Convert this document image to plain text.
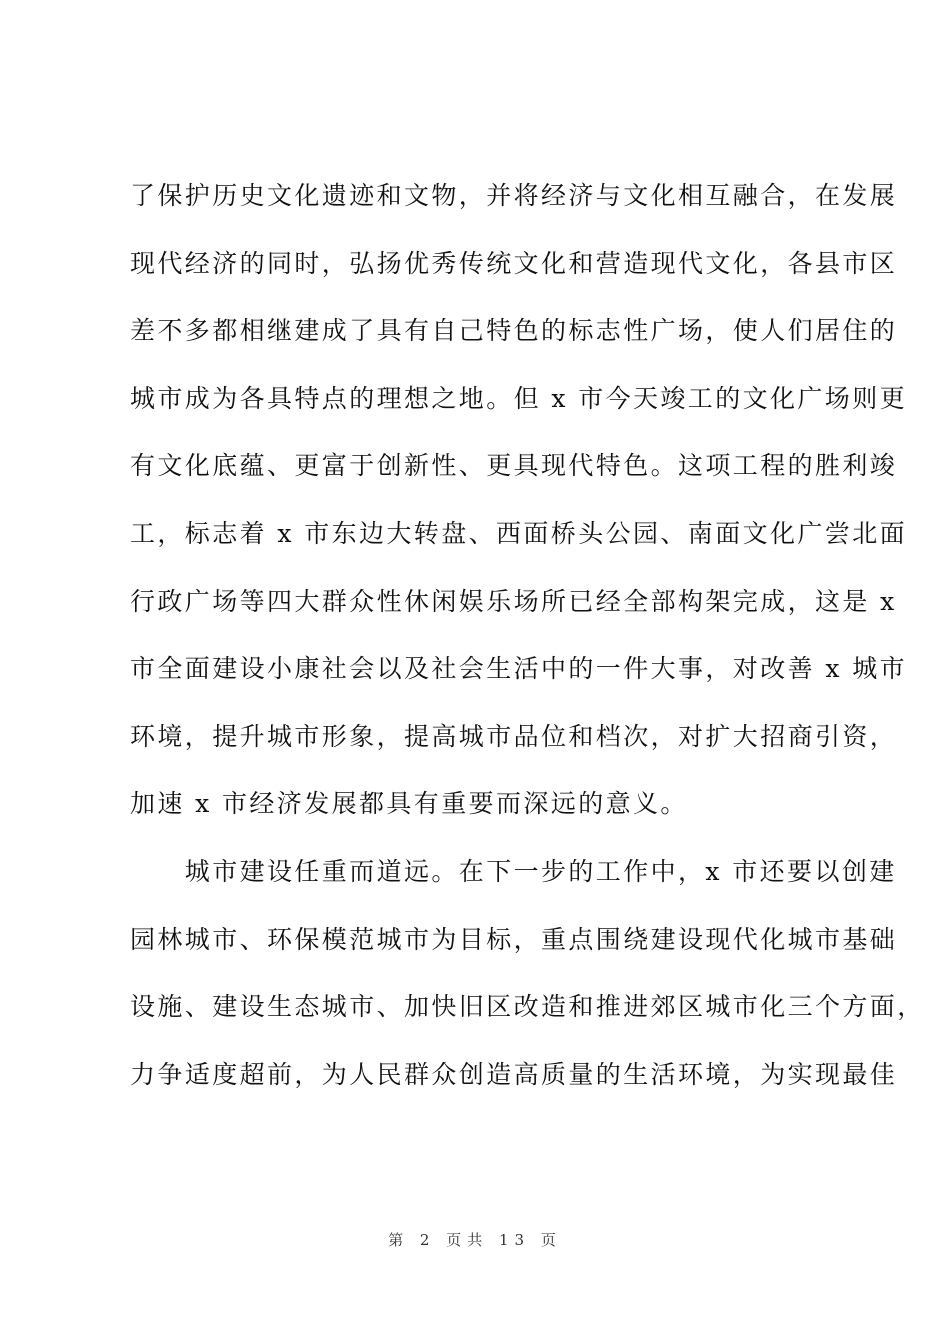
了保护历史文化遗迹和文物，并将经济与文化相互融合，在发展
现代经济的同时，弘扬优秀传统文化和营造现代文化，各县市区
差不多都相继建成了具有自己特色的标志性广场，使人们居住的
城市成为各具特点的理想之地。但 x 市今天竣工的文化广场则更
有文化底蕴、更富于创新性、更具现代特色。这项工程的胜利竣
工，标志着 x 市东边大转盘、西面桥头公园、南面文化广尝北面
行政广场等四大群众性休闲娱乐场所已经全部构架完成，这是 x
市全面建设小康社会以及社会生活中的一件大事，对改善 x 城市
环境，提升城市形象，提高城市品位和档次，对扩大招商引资，
加速 x 市经济发展都具有重要而深远的意义。
　　城市建设任重而道远。在下一步的工作中，x 市还要以创建
园林城市、环保模范城市为目标，重点围绕建设现代化城市基础
设施、建设生态城市、加快旧区改造和推进郊区城市化三个方面，
力争适度超前，为人民群众创造高质量的生活环境，为实现最佳
第 2 页共 13 页
